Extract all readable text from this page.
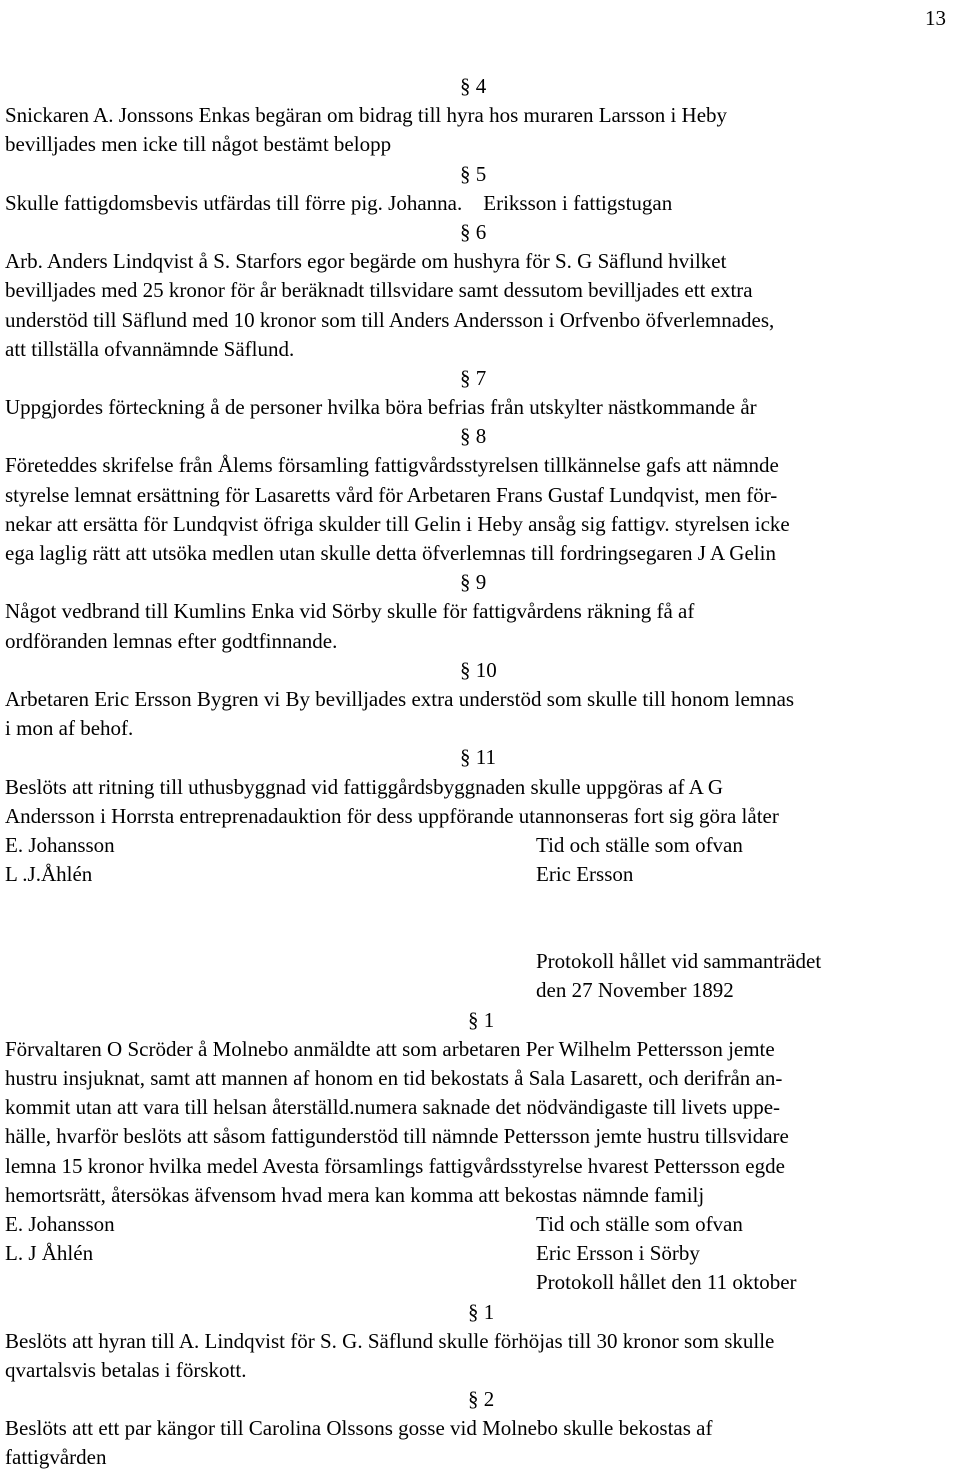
13
§ 4
Snickaren A. Jonssons Enkas begäran om bidrag till hyra hos muraren Larsson i Heby
bevilljades men icke till något bestämt belopp
§ 5
Skulle fattigdomsbevis utfärdas till förre pig. Johanna.    Eriksson i fattigstugan
§ 6
Arb. Anders Lindqvist å S. Starfors egor begärde om hushyra för S. G Säflund hvilket
bevilljades med 25 kronor för år beräknadt tillsvidare samt dessutom bevilljades ett extra
understöd till Säflund med 10 kronor som till Anders Andersson i Orfvenbo öfverlemnades,
att tillställa ofvannämnde Säflund.
§ 7
Uppgjordes förteckning å de personer hvilka böra befrias från utskylter nästkommande år
§ 8
Företeddes skrifelse från Ålems församling fattigvårdsstyrelsen tillkännelse gafs att nämnde
styrelse lemnat ersättning för Lasaretts vård för Arbetaren Frans Gustaf Lundqvist, men för-
nekar att ersätta för Lundqvist öfriga skulder till Gelin i Heby ansåg sig fattigv. styrelsen icke
ega laglig rätt att utsöka medlen utan skulle detta öfverlemnas till fordringsegaren J A Gelin
§ 9
Något vedbrand till Kumlins Enka vid Sörby skulle för fattigvårdens räkning få af
ordföranden lemnas efter godtfinnande.
§ 10
Arbetaren Eric Ersson Bygren vi By bevilljades extra understöd som skulle till honom lemnas
i mon af behof.
§ 11
Beslöts att ritning till uthusbyggnad vid fattiggårdsbyggnaden skulle uppgöras af A G
Andersson i Horrsta entreprenadauktion för dess uppförande utannonseras fort sig göra låter
E. Johansson	Tid och ställe som ofvan
L .J.Åhlén	Eric Ersson
Protokoll hållet vid sammanträdet
den 27 November 1892
§ 1
Förvaltaren O Scröder å Molnebo anmäldte att som arbetaren Per Wilhelm Pettersson jemte
hustru insjuknat, samt att mannen af honom en tid bekostats å Sala Lasarett, och derifrån an-
kommit utan att vara till helsan återställd.numera saknade det nödvändigaste till livets uppe-
hälle, hvarför beslöts att såsom fattigunderstöd till nämnde Pettersson jemte hustru tillsvidare
lemna 15 kronor hvilka medel Avesta församlings fattigvårdsstyrelse hvarest Pettersson egde
hemortsrätt, återsökas äfvensom hvad mera kan komma att bekostas nämnde familj
E. Johansson	Tid och ställe som ofvan
L. J Åhlén	Eric Ersson i Sörby
Protokoll hållet den 11 oktober
§ 1
Beslöts att hyran till A. Lindqvist för S. G. Säflund skulle förhöjas till 30 kronor som skulle
qvartalsvis betalas i förskott.
§ 2
Beslöts att ett par kängor till Carolina Olssons gosse vid Molnebo skulle bekostas af
fattigvården
